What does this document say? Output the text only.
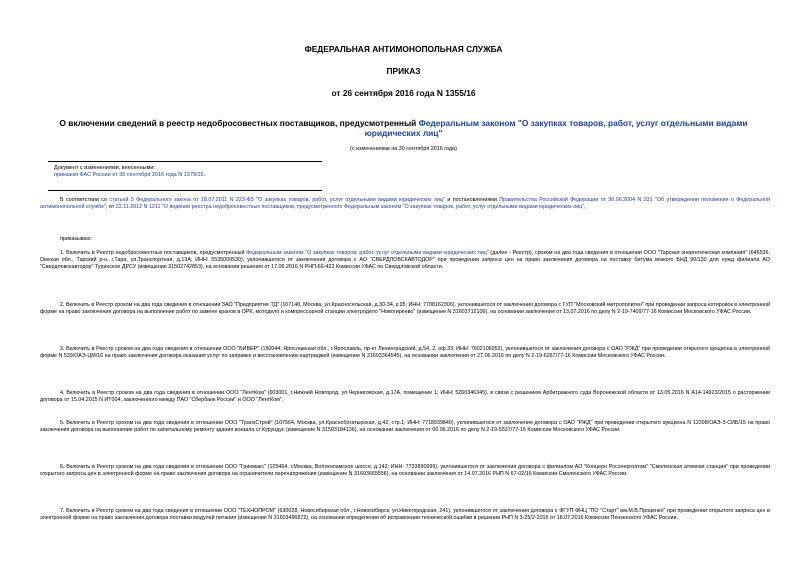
ФЕДЕРАЛЬНАЯ АНТИМОНОПОЛЬНАЯ СЛУЖБА
ПРИКАЗ
от 26 сентября 2016 года N 1355/16
О включении сведений в реестр недобросовестных поставщиков, предусмотренный Федеральным законом "О закупках товаров, работ, услуг отдельными видами юридических лиц"
(с изменениями на 30 сентября 2016 года)
Документ с изменениями, внесенными:
приказом ФАС России от 30 сентября 2016 года N 1379/16.

В соответствии со статьей 5 Федерального закона от 18.07.2011 N 223-ФЗ "О закупках товаров, работ, услуг отдельными видами юридических лиц" и постановлениями Правительства Российской Федерации от 30.06.2004 N 331 "Об утверждении положения о Федеральной антимонопольной службе", от 22.11.2012 N 1211 "О ведении реестра недобросовестных поставщиков, предусмотренного Федеральным законом "О закупках товаров, работ, услуг отдельными видами юридических лиц",

приказываю:

1. Включить в Реестр недобросовестных поставщиков, предусмотренный Федеральным законом "О закупках товаров, работ, услуг отдельными видами юридических лиц" (далее - Реестр), сроком на два года сведения в отношении ООО "Тарская энергетическая компания" (646536, Омская обл., Тарский р-н, г.Тара, ул.Транспортная, д.13А; ИНН: 5535009530), уклонившегося от заключения договора с АО "СВЕРДЛОВСКАВТОДОР" при проведении запроса цен на право заключения договора на поставку битума вязкого БНД 90/130 для нужд филиала АО "Свердловскавтодор" Туринское ДРСУ (извещение 31502742853), на основании решения от 17.06.2016 N РНП-66-422 Комиссии УФАС по Свердловской области.

2. Включить в Реестр сроком на два года сведения в отношении ЗАО "Предприятие ТД" (107140, Москва, ул.Красносельская, д.30-34, к.95; ИНН: 7708162306), уклонившегося от заключения договора с ГУП "Московский метрополитен" при проведении запроса котировок в электронной форме на право заключения договора на выполнение работ по замене кранов в ОРК, мотодело и компрессорной станции электродело "Новогиреево" (извещение N 31603712106), на основании заключения от 13.07.2016 по делу N 2-19-7409/77-16 Комиссии Московского УФАС России.

3. Включить в Реестр сроком на два года сведения в отношении ООО "БИВЕР" (150044, Ярославская обл., г.Ярославль, пр-кт Ленинградский, д.54, 2, оф.33; ИНН: 7602106952), уклонившегося от заключения договора с ОАО "РЖД" при проведении открытого аукциона в электронной форме N 539/ОАЭ-ЦМ/16 на право заключения договора оказания услуг по заправке и восстановлению картриджей (извещение N 31603364545), на основании заключения от 27.06.2016 по делу N 2-19-6267/77-16 Комиссии Московского УФАС России.

4. Включить в Реестр сроком на два года сведения в отношении ООО "ЛентКом" (603001, г.Нижний Новгород, ул.Черниговская, д.17А, помещение 1; ИНН: 5260346345), в связи с решением Арбитражного суда Воронежской области от 13.05.2016 N А14-14923/2015 о расторжении договора от 15.04.2015 N ИТ004, заключенного между ПАО "Сбербанк России" и ООО "ЛентКом".

5. Включить в Реестр сроком на два года сведения в отношении ООО "ТрансСтрой" (107564, Москва, ул.Краснобогатырская, д.42, стр.1; ИНН: 7718939840), уклонившегося от заключения договора с ОАО "РЖД" при проведении открытого аукциона N 12398/ОАЭ-З-СИБ/15 на право заключения договора на выполнение работ по капитальному ремонту здания вокзала ст.Курундус (извещение N 31503184136), на основании заключения от 06.06.2016 по делу N 2-19-5537/77-16 Комиссии Московского УФАС России.

6. Включить в Реестр сроком на два года сведения в отношении ООО "Гринмакс" (125464, г.Москва, Волоколамское шоссе, д.142; ИНН: 7733890999), уклонившегося от заключения договора с филиалом АО "Концерн Росэнергоатом" "Смоленская атомная станция" при проведении открытого запроса цен в электронной форме на право заключения договора на ограничители перенапряжения (извещение N 31603665556), на основании заключения от 14.07.2016 РНП N 67-02/16 Комиссии Смоленского УФАС России.

7. Включить в Реестр сроком на два года сведения в отношении ООО "ТЕХНОПРОМ" (630028, Новосибирская обл., г.Новосибирск, ул.Никегородская, 241), уклонившегося от заключения договора с ФГУП ФНЦ "ПО "Старт" им.М.В.Проценко" при проведении открытого запроса цен в электронной форме на право заключения договора поставки модулей питания (извещение N 31603496872), на основании определения об исправлении технической ошибки в решении РНП N 3-25/2-2016 от 18.07.2016 Комиссии Пензенского УФАС России.
